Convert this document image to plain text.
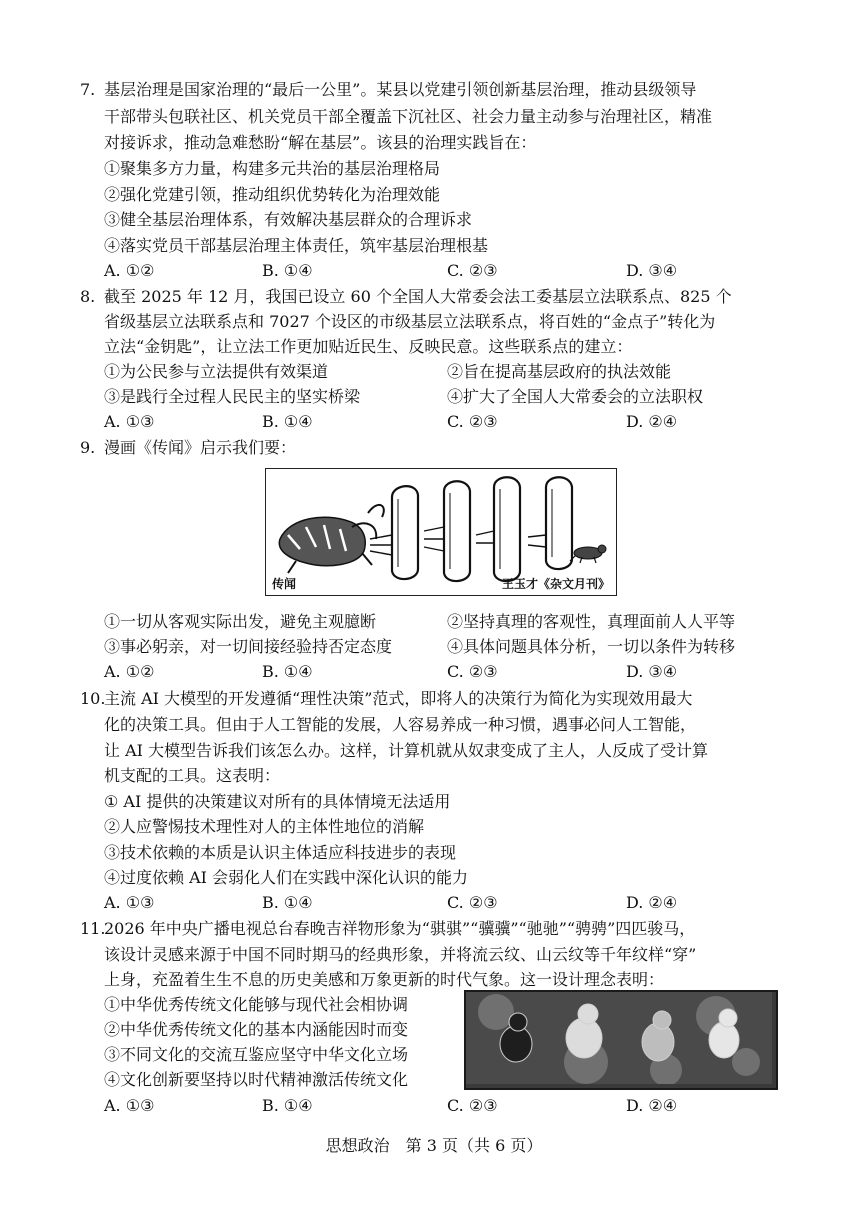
7. 基层治理是国家治理的“最后一公里”。某县以党建引领创新基层治理，推动县级领导
干部带头包联社区、机关党员干部全覆盖下沉社区、社会力量主动参与治理社区，精准
对接诉求，推动急难愁盼“解在基层”。该县的治理实践旨在：
①聚集多方力量，构建多元共治的基层治理格局
②强化党建引领，推动组织优势转化为治理效能
③健全基层治理体系，有效解决基层群众的合理诉求
④落实党员干部基层治理主体责任，筑牢基层治理根基
A. ①②	B. ①④	C. ②③	D. ③④
8. 截至 2025 年 12 月，我国已设立 60 个全国人大常委会法工委基层立法联系点、825 个
省级基层立法联系点和 7027 个设区的市级基层立法联系点，将百姓的“金点子”转化为
立法“金钥匙”，让立法工作更加贴近民生、反映民意。这些联系点的建立：
①为公民参与立法提供有效渠道	②旨在提高基层政府的执法效能
③是践行全过程人民民主的坚实桥梁	④扩大了全国人大常委会的立法职权
A. ①③	B. ①④	C. ②③	D. ②④
9. 漫画《传闻》启示我们要：
传闻	王玉才《杂文月刊》
①一切从客观实际出发，避免主观臆断	②坚持真理的客观性，真理面前人人平等
③事必躬亲，对一切间接经验持否定态度	④具体问题具体分析，一切以条件为转移
A. ①②	B. ①④	C. ②③	D. ③④
10.
主流 AI 大模型的开发遵循“理性决策”范式，即将人的决策行为简化为实现效用最大
化的决策工具。但由于人工智能的发展，人容易养成一种习惯，遇事必问人工智能，
让 AI 大模型告诉我们该怎么办。这样，计算机就从奴隶变成了主人，人反成了受计算
机支配的工具。这表明：
① AI 提供的决策建议对所有的具体情境无法适用
②人应警惕技术理性对人的主体性地位的消解
③技术依赖的本质是认识主体适应科技进步的表现
④过度依赖 AI 会弱化人们在实践中深化认识的能力
A. ①③	B. ①④	C. ②③	D. ②④
11.
2026 年中央广播电视总台春晚吉祥物形象为“骐骐”“骥骥”“驰驰”“骋骋”四匹骏马，
该设计灵感来源于中国不同时期马的经典形象，并将流云纹、山云纹等千年纹样“穿”
上身，充盈着生生不息的历史美感和万象更新的时代气象。这一设计理念表明：
①中华优秀传统文化能够与现代社会相协调
②中华优秀传统文化的基本内涵能因时而变
③不同文化的交流互鉴应坚守中华文化立场
④文化创新要坚持以时代精神激活传统文化
A. ①③	B. ①④	C. ②③	D. ②④
思想政治　第 3 页（共 6 页）
